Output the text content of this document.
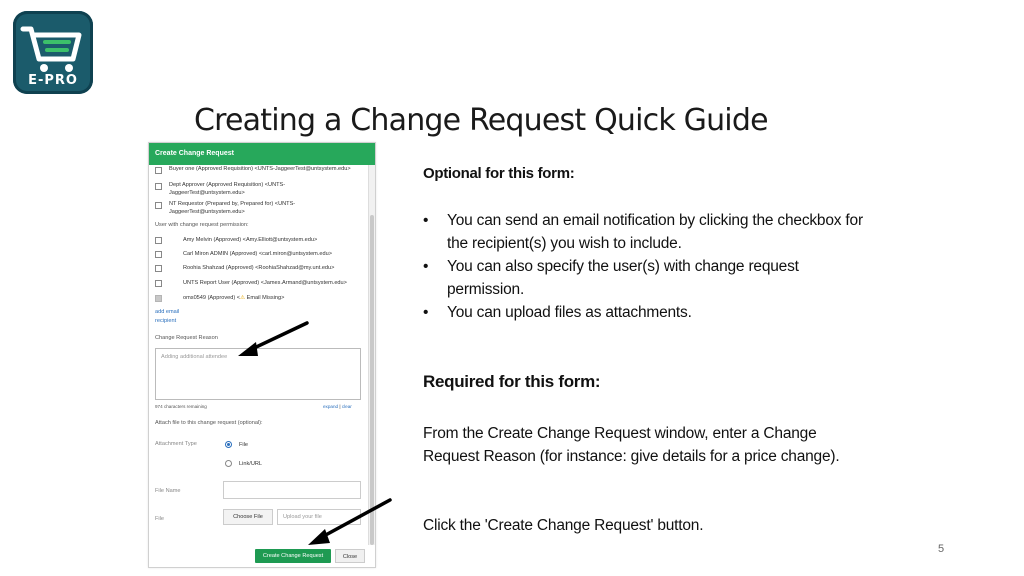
E-PRO
Creating a Change Request Quick Guide
Create Change Request
Buyer one (Approved Requisition) <UNTS-JaggeerTest@untsystem.edu>
Dept Approver (Approved Requisition) <UNTS-
JaggeerTest@untsystem.edu>
NT Requestor (Prepared by, Prepared for) <UNTS-
JaggeerTest@untsystem.edu>
User with change request permission:
Amy Melvin (Approved) <Amy.Elliott@untsystem.edu>
Carl Miron ADMIN (Approved) <carl.miron@untsystem.edu>
Roohia Shahzad (Approved) <RoohiaShahzad@my.unt.edu>
UNTS Report User (Approved) <James.Armand@untsystem.edu>
oms0549 (Approved) <⚠ Email Missing>
add email
recipient
Change Request Reason
Adding additional attendee
974 characters remaining	expand | clear
Attach file to this change request (optional):
Attachment Type	File
Link/URL
File Name
File	Choose File	Upload your file
Create Change Request	Close
Optional for this form:
• You can send an email notification by clicking the checkbox for the recipient(s) you wish to include.
• You can also specify the user(s) with change request permission.
• You can upload files as attachments.
Required for this form:
From the Create Change Request window, enter a Change Request Reason (for instance: give details for a price change).
Click the 'Create Change Request' button.
5
